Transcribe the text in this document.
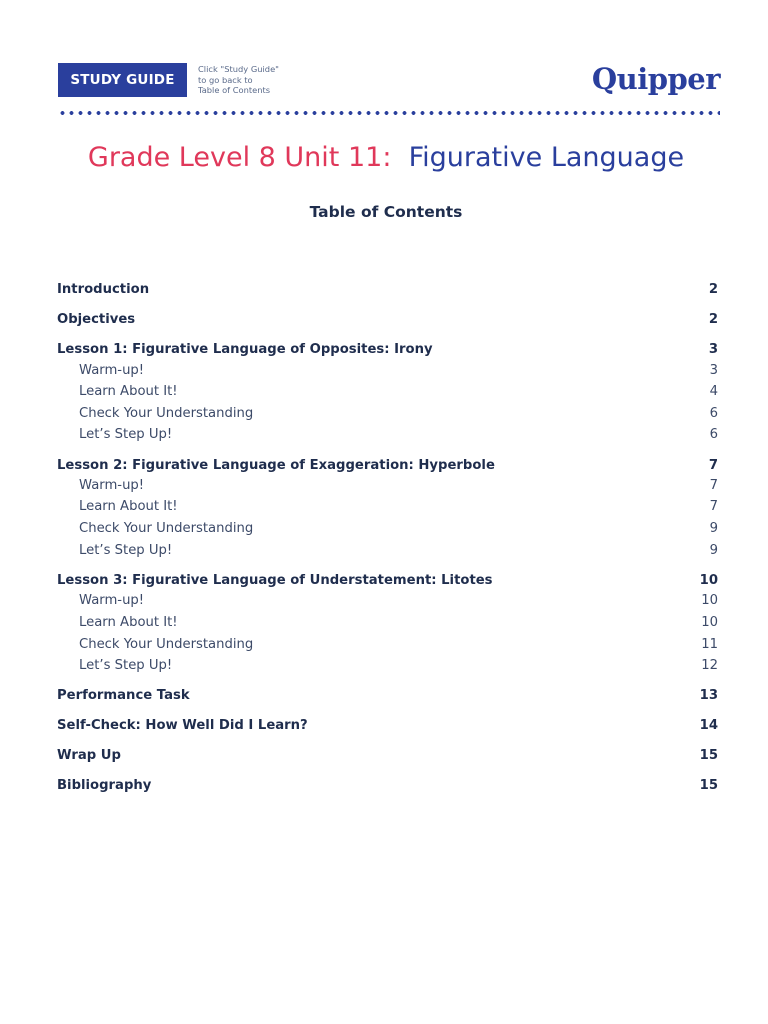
STUDY GUIDE
Click "Study Guide"
to go back to
Table of Contents	Quipper
Grade Level 8 Unit 11: Figurative Language
Table of Contents
Introduction	2
Objectives	2
Lesson 1: Figurative Language of Opposites: Irony	3
Warm-up!	3
Learn About It!	4
Check Your Understanding	6
Let’s Step Up!	6
Lesson 2: Figurative Language of Exaggeration: Hyperbole	7
Warm-up!	7
Learn About It!	7
Check Your Understanding	9
Let’s Step Up!	9
Lesson 3: Figurative Language of Understatement: Litotes	10
Warm-up!	10
Learn About It!	10
Check Your Understanding	11
Let’s Step Up!	12
Performance Task	13
Self-Check: How Well Did I Learn?	14
Wrap Up	15
Bibliography	15
